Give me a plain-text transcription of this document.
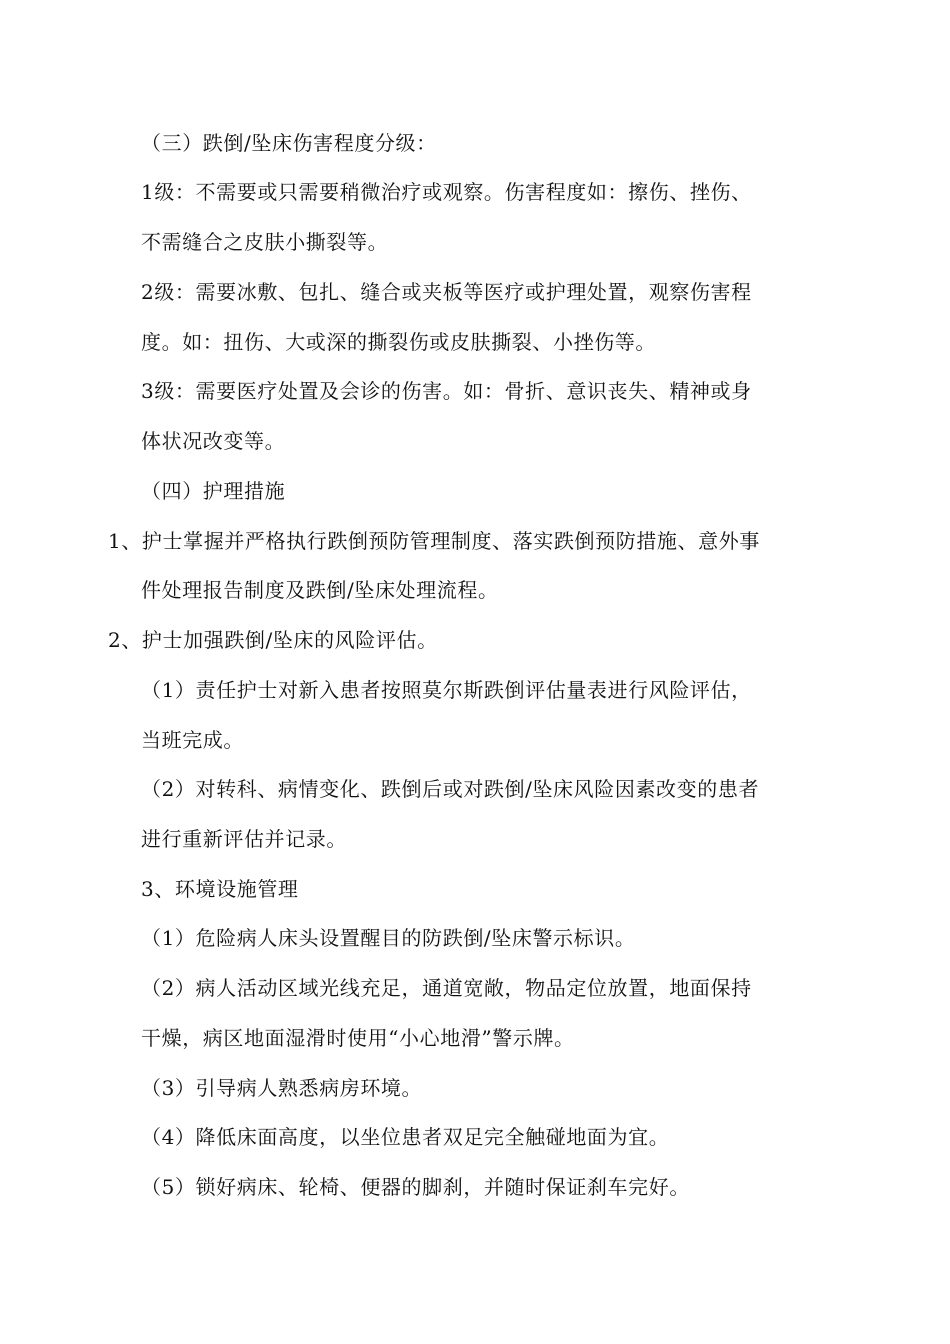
（三）跌倒/坠床伤害程度分级：
1级：不需要或只需要稍微治疗或观察。伤害程度如：擦伤、挫伤、
不需缝合之皮肤小撕裂等。
2级：需要冰敷、包扎、缝合或夹板等医疗或护理处置，观察伤害程
度。如：扭伤、大或深的撕裂伤或皮肤撕裂、小挫伤等。
3级：需要医疗处置及会诊的伤害。如：骨折、意识丧失、精神或身
体状况改变等。
（四）护理措施
1、护士掌握并严格执行跌倒预防管理制度、落实跌倒预防措施、意外事
件处理报告制度及跌倒/坠床处理流程。
2、护士加强跌倒/坠床的风险评估。
（1）责任护士对新入患者按照莫尔斯跌倒评估量表进行风险评估，
当班完成。
（2）对转科、病情变化、跌倒后或对跌倒/坠床风险因素改变的患者
进行重新评估并记录。
3、环境设施管理
（1）危险病人床头设置醒目的防跌倒/坠床警示标识。
（2）病人活动区域光线充足，通道宽敞，物品定位放置，地面保持
干燥，病区地面湿滑时使用“小心地滑”警示牌。
（3）引导病人熟悉病房环境。
（4）降低床面高度，以坐位患者双足完全触碰地面为宜。
（5）锁好病床、轮椅、便器的脚刹，并随时保证刹车完好。
